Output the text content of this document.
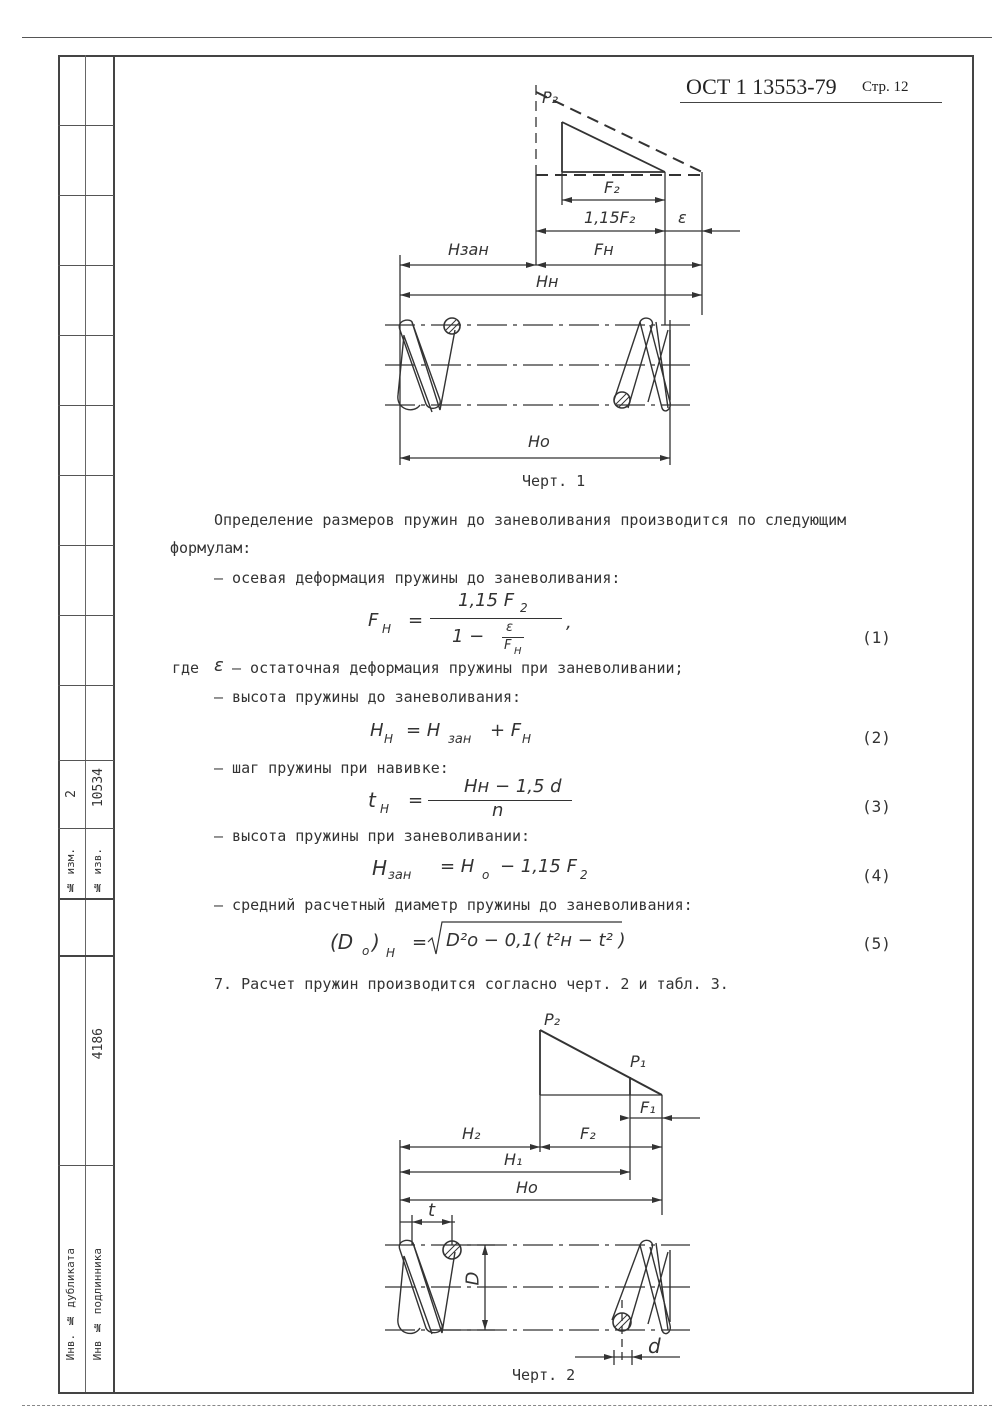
2 10534
№ изм. № изв.
4186
Инв. № дубликата Инв № подлинника
ОСТ 1 13553-79 Стр. 12
P₂
F₂
1,15F₂	ε
Hзан	Fн
Hн
Hо
Черт. 1
Определение размеров пружин до заневоливания производится по следующим
формулам:
– осевая деформация пружины до заневоливания:
F H =
1,15 F 2
1 − ε
F H
,
(1)
где ε – остаточная деформация пружины при заневоливании;
– высота пружины до заневоливания:
H H = H зан + F H	(2)
– шаг пружины при навивке:
t H =
Hн − 1,5 d
n	(3)
– высота пружины при заневоливании:
H зан = H о − 1,15 F 2	(4)
– средний расчетный диаметр пружины до заневоливания:
(D о ) H = D²о − 0,1( t²н − t² )	(5)
7. Расчет пружин производится согласно черт. 2 и табл. 3.
P₂
P₁
F₁
H₂	F₂
H₁
Hо
t
D
d
Черт. 2
